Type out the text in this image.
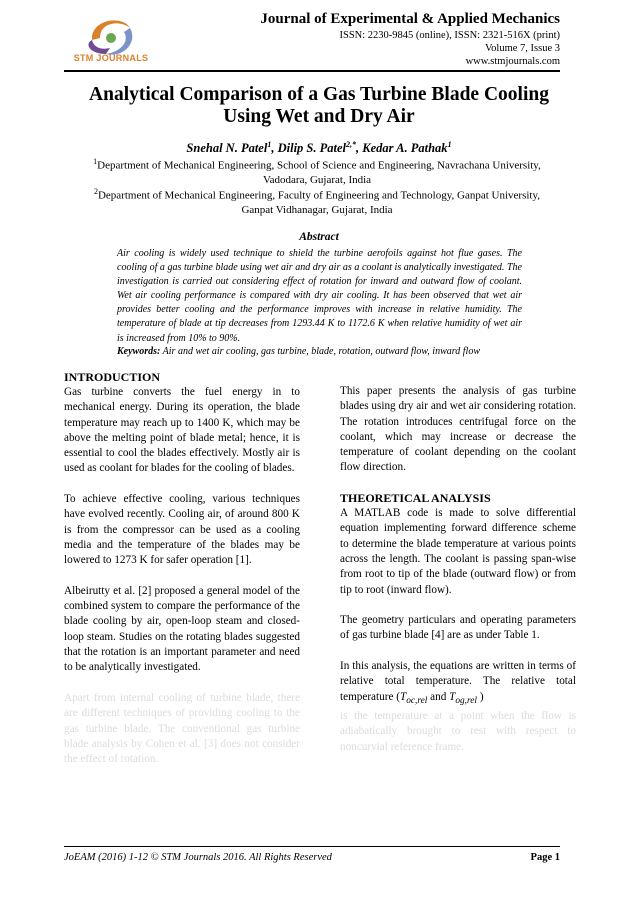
STM JOURNALS
Journal of Experimental & Applied Mechanics
ISSN: 2230-9845 (online), ISSN: 2321-516X (print)
Volume 7, Issue 3
www.stmjournals.com
Analytical Comparison of a Gas Turbine Blade Cooling
Using Wet and Dry Air
Snehal N. Patel$^1$, Dilip S. Patel$^{2,*}$, Kedar A. Pathak$^1$
$^1$Department of Mechanical Engineering, School of Science and Engineering, Navrachana University,
Vadodara, Gujarat, India
$^2$Department of Mechanical Engineering, Faculty of Engineering and Technology, Ganpat University,
Ganpat Vidhanagar, Gujarat, India
Abstract
Air cooling is widely used technique to shield the turbine aerofoils against hot flue gases. The cooling of a gas turbine blade using wet air and dry air as a coolant is analytically investigated. The investigation is carried out considering effect of rotation for inward and outward flow of coolant. Wet air cooling performance is compared with dry air cooling. It has been observed that wet air provides better cooling and the performance improves with increase in relative humidity. The temperature of blade at tip decreases from 1293.44 K to 1172.6 K when relative humidity of wet air is increased from 10% to 90%.
Keywords: Air and wet air cooling, gas turbine, blade, rotation, outward flow, inward flow
INTRODUCTION

Gas turbine converts the fuel energy in to mechanical energy. During its operation, the blade temperature may reach up to 1400 K, which may be above the melting point of blade metal; hence, it is essential to cool the blades effectively. Mostly air is used as coolant for blades for the cooling of blades.

To achieve effective cooling, various techniques have evolved recently. Cooling air, of around 800 K is from the compressor can be used as a cooling media and the temperature of the blades may be lowered to 1273 K for safer operation [1].

Albeirutty et al. [2] proposed a general model of the combined system to compare the performance of the blade cooling by air, open-loop steam and closed-loop steam. Studies on the rotating blades suggested that the rotation is an important parameter and need to be analytically investigated.

Apart from internal cooling of turbine blade, there are different techniques of providing cooling to the gas turbine blade. The conventional gas turbine blade analysis by Cohen et al. [3] does not consider the effect of rotation.

This paper presents the analysis of gas turbine blades using dry air and wet air considering rotation. The rotation introduces centrifugal force on the coolant, which may increase or decrease the temperature of coolant depending on the coolant flow direction.

THEORETICAL ANALYSIS

A MATLAB code is made to solve differential equation implementing forward difference scheme to determine the blade temperature at various points across the length. The coolant is passing span-wise from root to tip of the blade (outward flow) or from tip to root (inward flow).

The geometry particulars and operating parameters of gas turbine blade [4] are as under Table 1.

In this analysis, the equations are written in terms of relative total temperature. The relative total temperature ($T_{oc,rel}$ and $T_{og,rel}$ )

is the temperature at a point when the flow is adiabatically brought to rest with respect to noncurvial reference frame.

JoEAM (2016) 1-12 © STM Journals 2016. All Rights Reserved	Page 1
